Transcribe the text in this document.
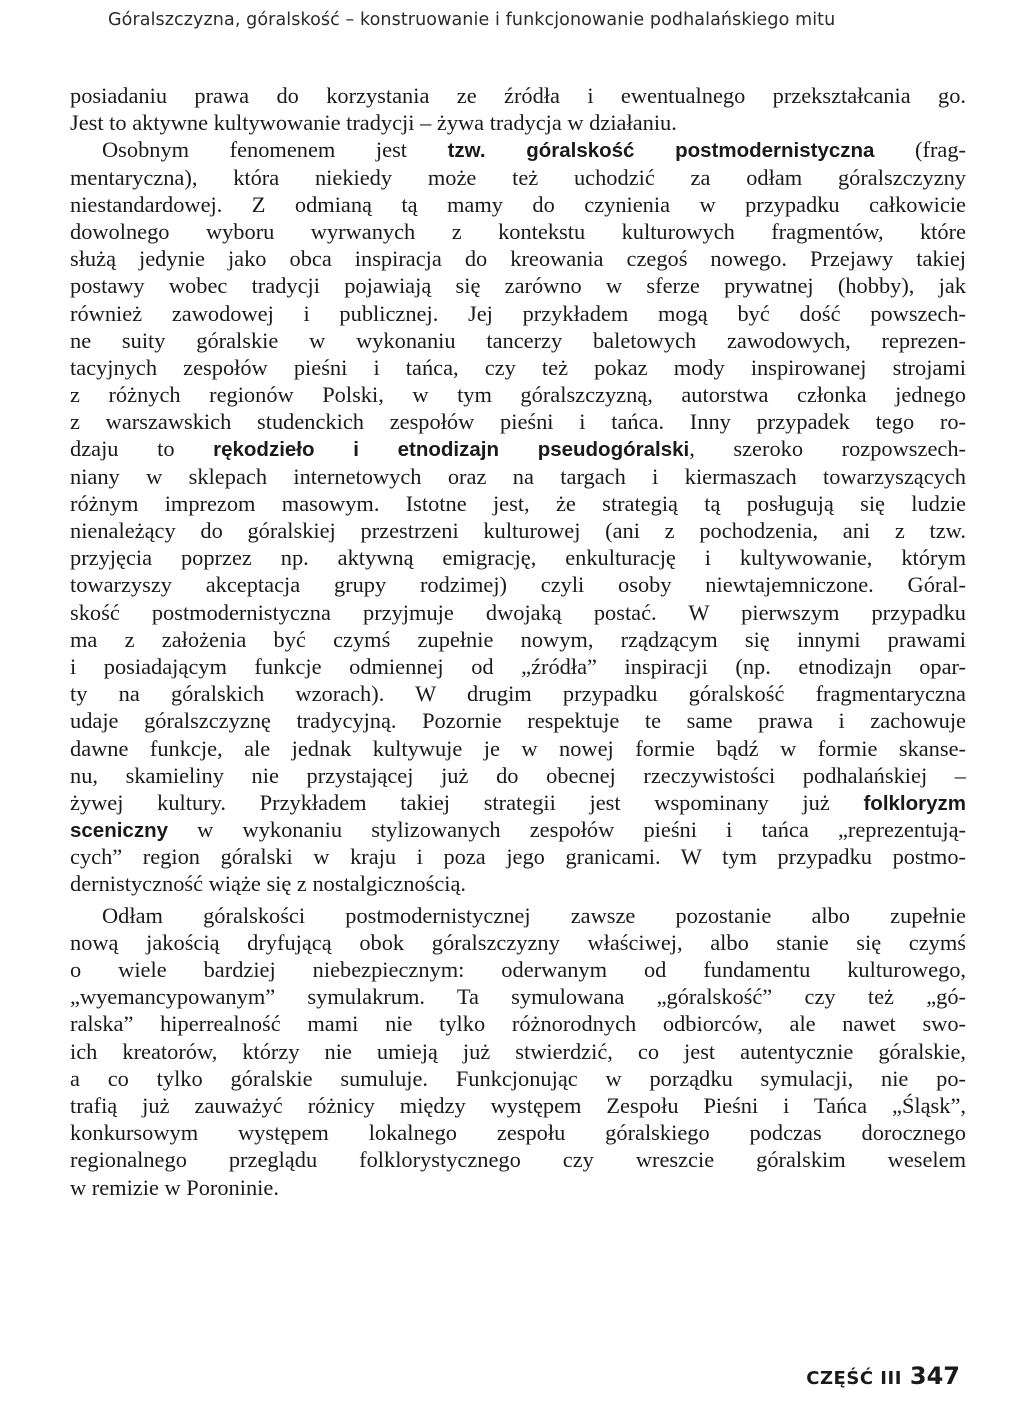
Góralszczyzna, góralskość – konstruowanie i funkcjonowanie podhalańskiego mitu
posiadaniu prawa do korzystania ze źródła i ewentualnego przekształcania go.
Jest to aktywne kultywowanie tradycji – żywa tradycja w działaniu.
Osobnym fenomenem jest tzw. góralskość postmodernistyczna (frag-
mentaryczna), która niekiedy może też uchodzić za odłam góralszczyzny
niestandardowej. Z odmianą tą mamy do czynienia w przypadku całkowicie
dowolnego wyboru wyrwanych z kontekstu kulturowych fragmentów, które
służą jedynie jako obca inspiracja do kreowania czegoś nowego. Przejawy takiej
postawy wobec tradycji pojawiają się zarówno w sferze prywatnej (hobby), jak
również zawodowej i publicznej. Jej przykładem mogą być dość powszech-
ne suity góralskie w wykonaniu tancerzy baletowych zawodowych, reprezen-
tacyjnych zespołów pieśni i tańca, czy też pokaz mody inspirowanej strojami
z różnych regionów Polski, w tym góralszczyzną, autorstwa członka jednego
z warszawskich studenckich zespołów pieśni i tańca. Inny przypadek tego ro-
dzaju to rękodzieło i etnodizajn pseudogóralski, szeroko rozpowszech-
niany w sklepach internetowych oraz na targach i kiermaszach towarzyszących
różnym imprezom masowym. Istotne jest, że strategią tą posługują się ludzie
nienależący do góralskiej przestrzeni kulturowej (ani z pochodzenia, ani z tzw.
przyjęcia poprzez np. aktywną emigrację, enkulturację i kultywowanie, którym
towarzyszy akceptacja grupy rodzimej) czyli osoby niewtajemniczone. Góral-
skość postmodernistyczna przyjmuje dwojaką postać. W pierwszym przypadku
ma z założenia być czymś zupełnie nowym, rządzącym się innymi prawami
i posiadającym funkcje odmiennej od „źródła” inspiracji (np. etnodizajn opar-
ty na góralskich wzorach). W drugim przypadku góralskość fragmentaryczna
udaje góralszczyznę tradycyjną. Pozornie respektuje te same prawa i zachowuje
dawne funkcje, ale jednak kultywuje je w nowej formie bądź w formie skanse-
nu, skamieliny nie przystającej już do obecnej rzeczywistości podhalańskiej –
żywej kultury. Przykładem takiej strategii jest wspominany już folkloryzm
sceniczny w wykonaniu stylizowanych zespołów pieśni i tańca „reprezentują-
cych” region góralski w kraju i poza jego granicami. W tym przypadku postmo-
dernistyczność wiąże się z nostalgicznością.
Odłam góralskości postmodernistycznej zawsze pozostanie albo zupełnie
nową jakością dryfującą obok góralszczyzny właściwej, albo stanie się czymś
o wiele bardziej niebezpiecznym: oderwanym od fundamentu kulturowego,
„wyemancypowanym” symulakrum. Ta symulowana „góralskość” czy też „gó-
ralska” hiperrealność mami nie tylko różnorodnych odbiorców, ale nawet swo-
ich kreatorów, którzy nie umieją już stwierdzić, co jest autentycznie góralskie,
a co tylko góralskie sumuluje. Funkcjonując w porządku symulacji, nie po-
trafią już zauważyć różnicy między występem Zespołu Pieśni i Tańca „Śląsk”,
konkursowym występem lokalnego zespołu góralskiego podczas dorocznego
regionalnego przeglądu folklorystycznego czy wreszcie góralskim weselem
w remizie w Poroninie.
CZĘŚĆ III 347
